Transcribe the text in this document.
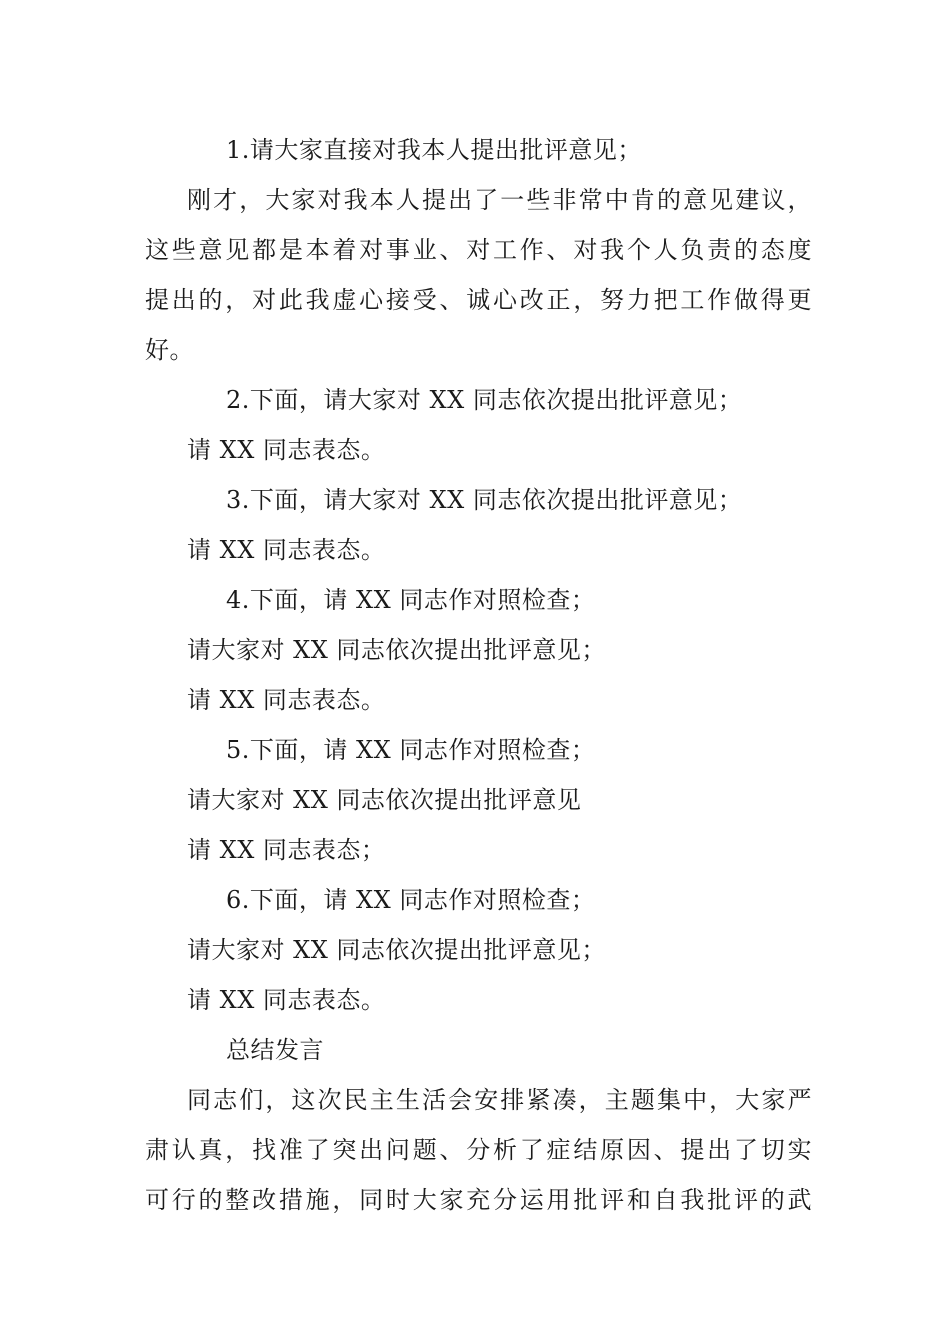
1.请大家直接对我本人提出批评意见；
刚才，大家对我本人提出了一些非常中肯的意见建议，
这些意见都是本着对事业、对工作、对我个人负责的态度
提出的，对此我虚心接受、诚心改正，努力把工作做得更
好。
2.下面，请大家对 XX 同志依次提出批评意见；
请 XX 同志表态。
3.下面，请大家对 XX 同志依次提出批评意见；
请 XX 同志表态。
4.下面，请 XX 同志作对照检查；
请大家对 XX 同志依次提出批评意见；
请 XX 同志表态。
5.下面，请 XX 同志作对照检查；
请大家对 XX 同志依次提出批评意见
请 XX 同志表态；
6.下面，请 XX 同志作对照检查；
请大家对 XX 同志依次提出批评意见；
请 XX 同志表态。
总结发言
同志们，这次民主生活会安排紧凑，主题集中，大家严
肃认真，找准了突出问题、分析了症结原因、提出了切实
可行的整改措施，同时大家充分运用批评和自我批评的武
